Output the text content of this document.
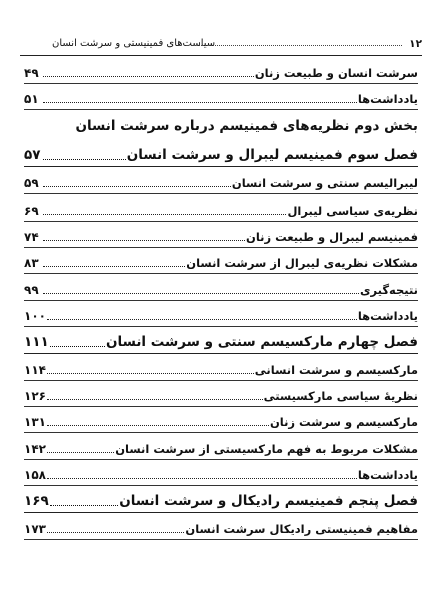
۱۲
سیاست‌های فمینیستی و سرشت انسان
سرشت انسان و طبیعت زنان
۴۹
یادداشت‌ها
۵۱
بخش دوم نظریه‌های فمینیسم درباره سرشت انسان
فصل سوم فمینیسم لیبرال و سرشت انسان
۵۷
لیبرالیسم سنتی و سرشت انسان
۵۹
نظریه‌ی سیاسی لیبرال
۶۹
فمینیسم لیبرال و طبیعت زنان
۷۴
مشکلات نظریه‌ی لیبرال از سرشت انسان
۸۳
نتیجه‌گیری
۹۹
یادداشت‌ها
۱۰۰
فصل چهارم مارکسیسم سنتی و سرشت انسان
۱۱۱
مارکسیسم و سرشت انسانی
۱۱۴
نظریهٔ سیاسی مارکسیستی
۱۲۶
مارکسیسم و سرشت زنان
۱۳۱
مشکلات مربوط به فهم مارکسیستی از سرشت انسان
۱۴۲
یادداشت‌ها
۱۵۸
فصل پنجم فمینیسم رادیکال و سرشت انسان
۱۶۹
مفاهیم فمینیستی رادیکال سرشت انسان
۱۷۳
